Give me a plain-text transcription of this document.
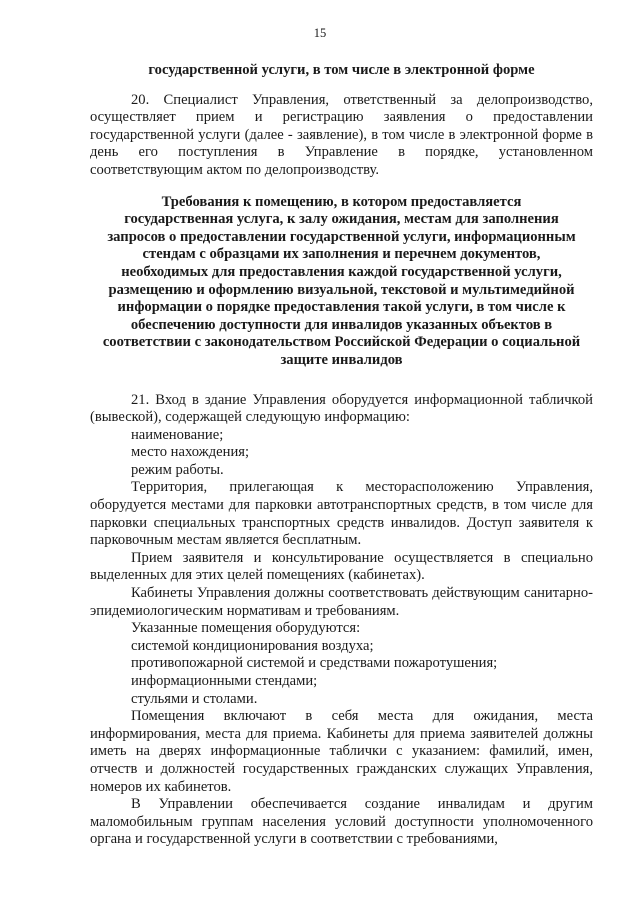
15
государственной услуги, в том числе в электронной форме

20. Специалист Управления, ответственный за делопроизводство, осуществляет прием и регистрацию заявления о предоставлении государственной услуги (далее - заявление), в том числе в электронной форме в день его поступления в Управление в порядке, установленном соответствующим актом по делопроизводству.

Требования к помещению, в котором предоставляется
государственная услуга, к залу ожидания, местам для заполнения
запросов о предоставлении государственной услуги, информационным
стендам с образцами их заполнения и перечнем документов,
необходимых для предоставления каждой государственной услуги,
размещению и оформлению визуальной, текстовой и мультимедийной
информации о порядке предоставления такой услуги, в том числе к
обеспечению доступности для инвалидов указанных объектов в
соответствии с законодательством Российской Федерации о социальной
защите инвалидов

21. Вход в здание Управления оборудуется информационной табличкой (вывеской), содержащей следующую информацию:

наименование;
место нахождения;
режим работы.

Территория, прилегающая к месторасположению Управления, оборудуется местами для парковки автотранспортных средств, в том числе для парковки специальных транспортных средств инвалидов. Доступ заявителя к парковочным местам является бесплатным.

Прием заявителя и консультирование осуществляется в специально выделенных для этих целей помещениях (кабинетах).

Кабинеты Управления должны соответствовать действующим санитарно-эпидемиологическим нормативам и требованиям.

Указанные помещения оборудуются:
системой кондиционирования воздуха;
противопожарной системой и средствами пожаротушения;
информационными стендами;
стульями и столами.

Помещения включают в себя места для ожидания, места информирования, места для приема. Кабинеты для приема заявителей должны иметь на дверях информационные таблички с указанием: фамилий, имен, отчеств и должностей государственных гражданских служащих Управления, номеров их кабинетов.

В Управлении обеспечивается создание инвалидам и другим маломобильным группам населения условий доступности уполномоченного органа и государственной услуги в соответствии с требованиями,
